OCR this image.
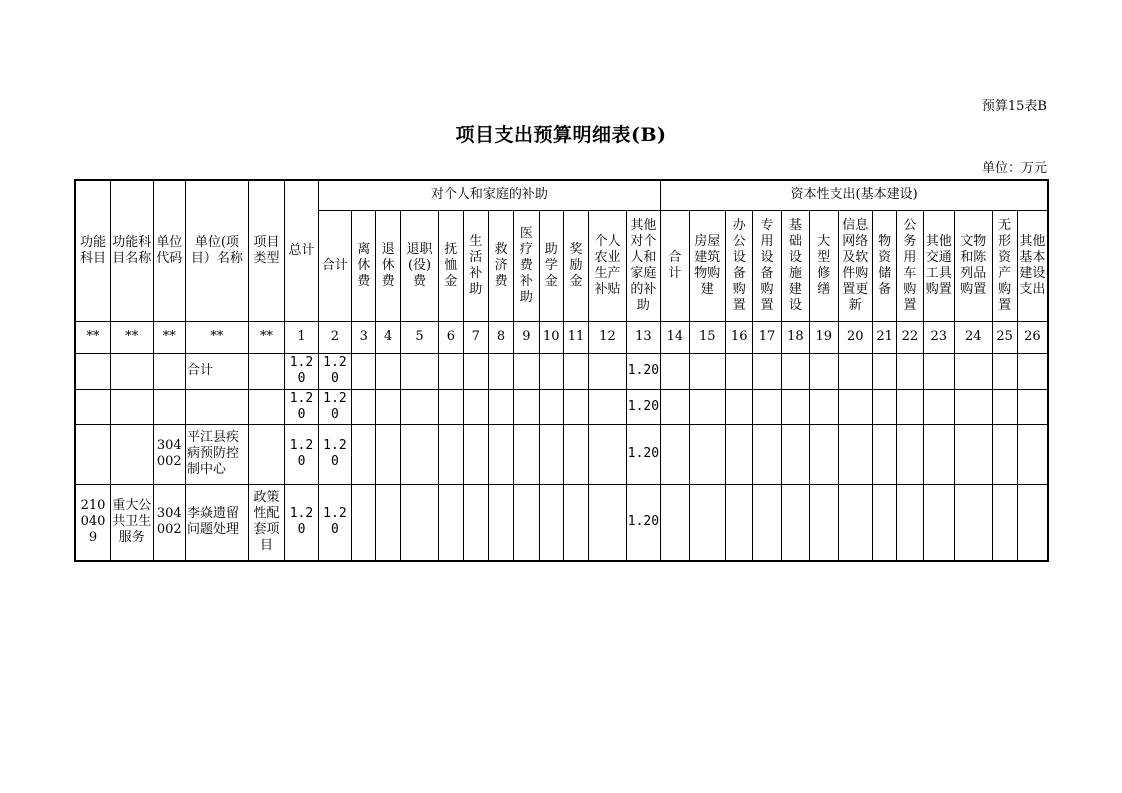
预算15表B
项目支出预算明细表(B)
单位：万元
功能科目	功能科目名称	单位代码	单位(项目）名称	项目类型	总计	对个人和家庭的补助												资本性支出(基本建设)												
						合计	离休费	退休费	退职(役)费	抚恤金	生活补助	救济费	医疗费补助	助学金	奖励金	个人农业生产补贴	其他对个人和家庭的补助	合计	房屋建筑物购建	办公设备购置	专用设备购置	基础设施建设	大型修缮	信息网络及软件购置更新	物资储备	公务用车购置	其他交通工具购置	文物和陈列品购置	无形资产购置	其他基本建设支出
**	**	**	**	**	1	2	3	4	5	6	7	8	9	10	11	12	13	14	15	16	17	18	19	20	21	22	23	24	25	26
			合计		1.20	1.20											1.20													
					1.20	1.20											1.20													
		304002	平江县疾病预防控制中心		1.20	1.20											1.20													
2100409	重大公共卫生服务	304002	李焱遗留问题处理	政策性配套项目	1.20	1.20											1.20													
